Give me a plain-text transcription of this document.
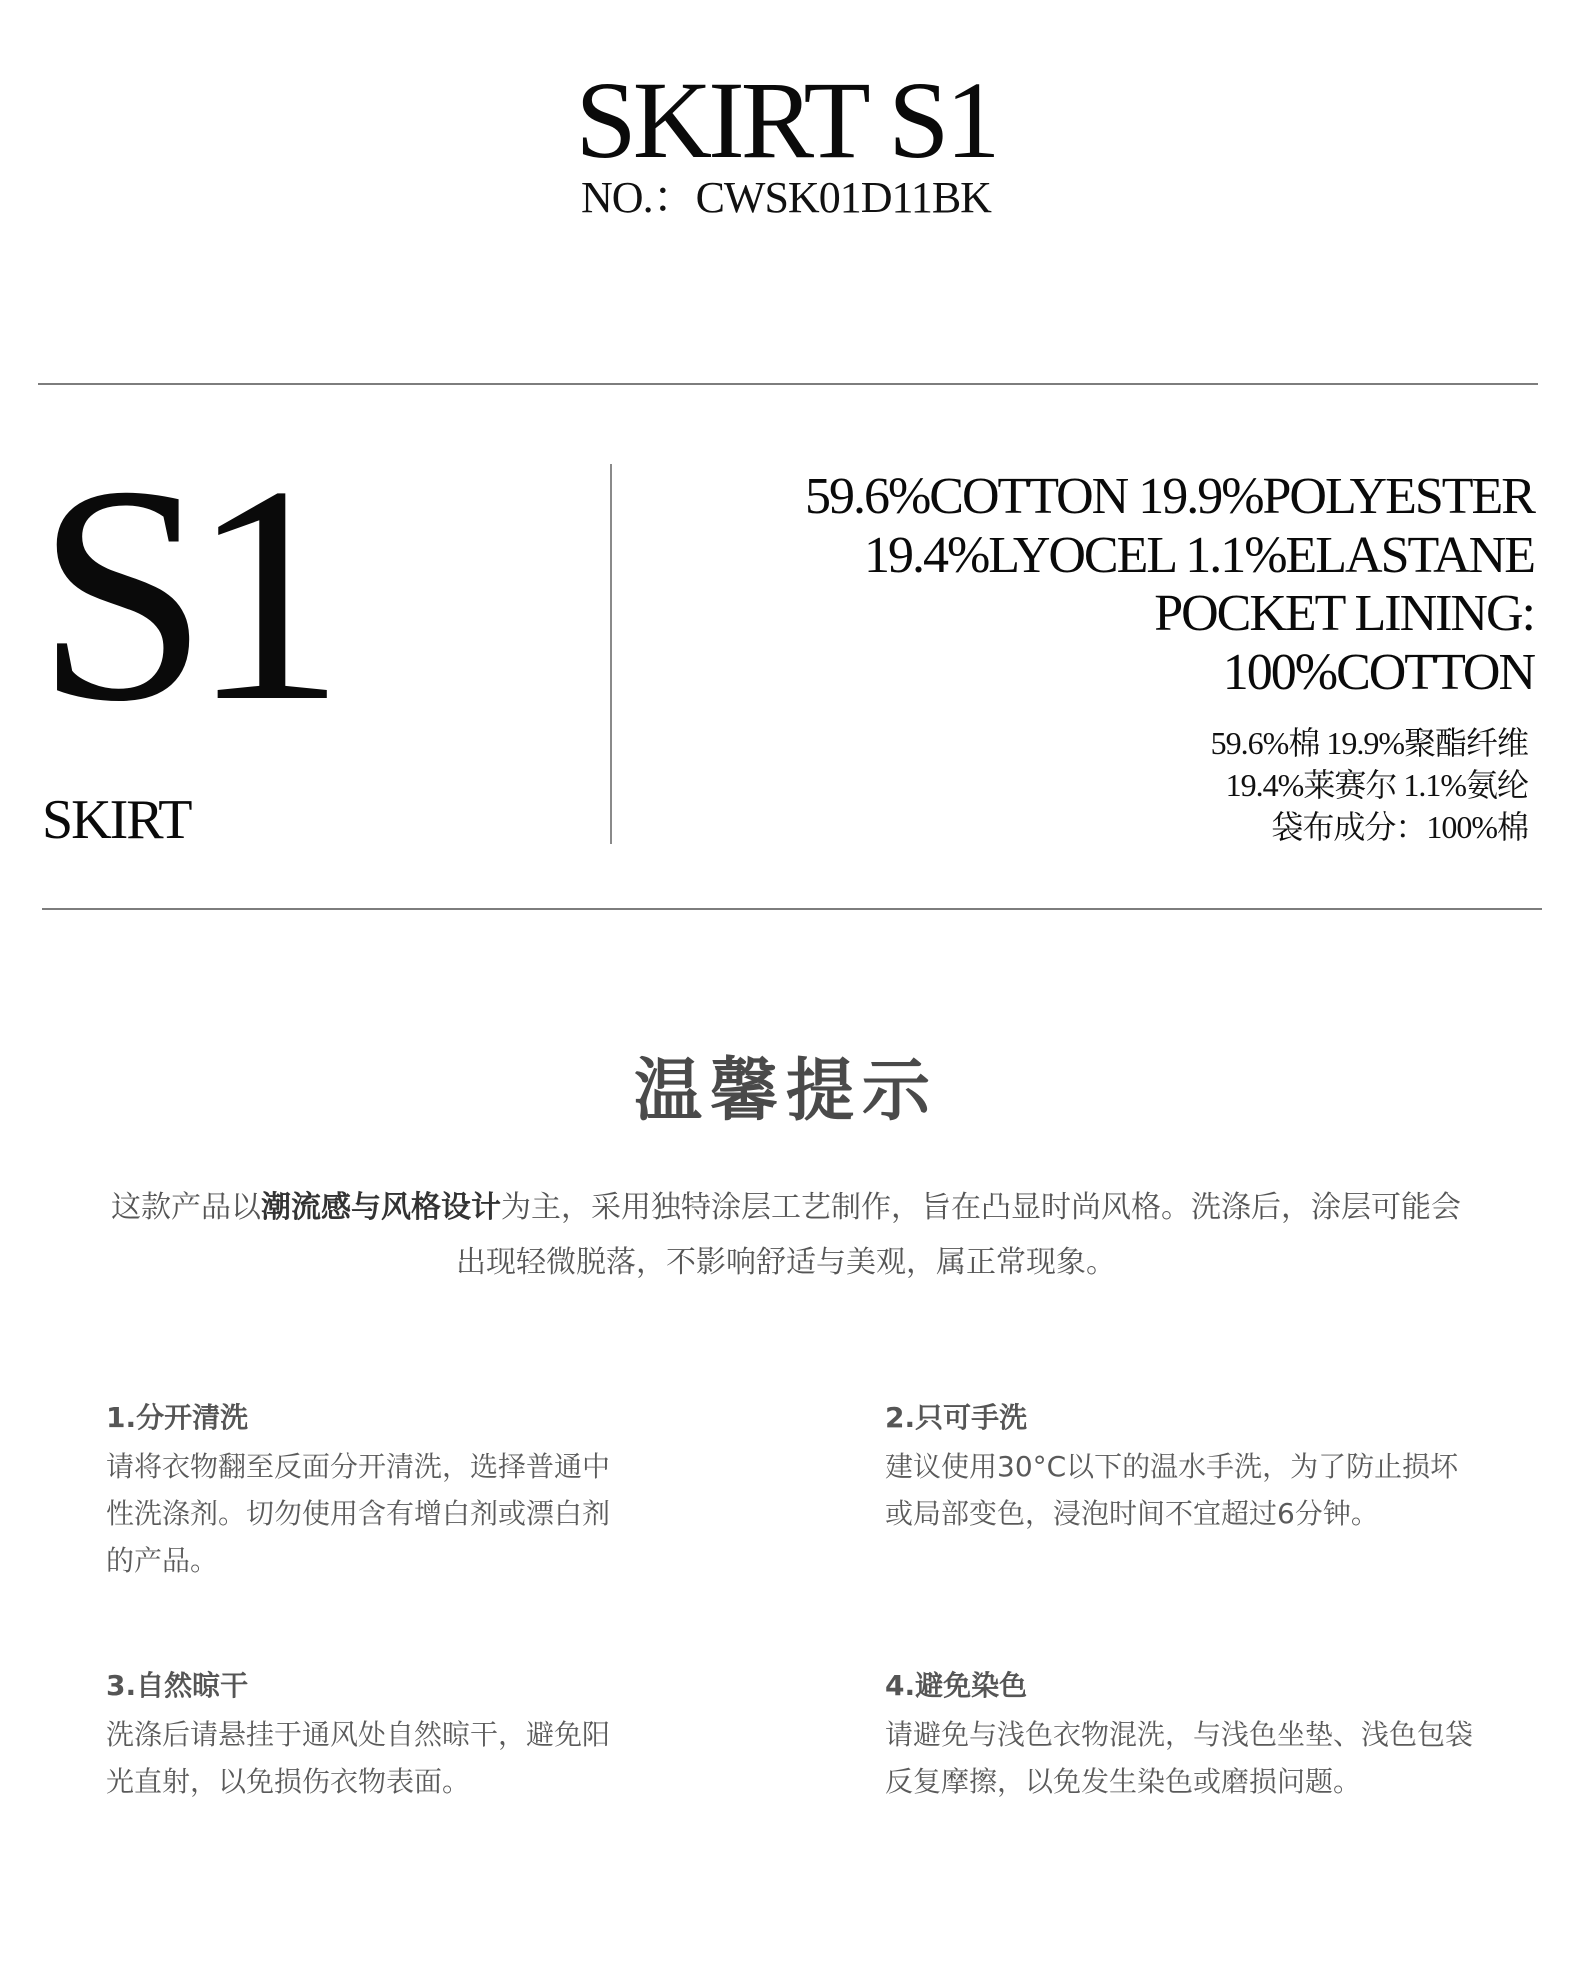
SKIRT S1
NO.：CWSK01D11BK
S1
SKIRT
59.6%COTTON 19.9%POLYESTER
19.4%LYOCEL 1.1%ELASTANE
POCKET LINING:
100%COTTON
59.6%棉 19.9%聚酯纤维
19.4%莱赛尔 1.1%氨纶
袋布成分：100%棉
温馨提示
这款产品以潮流感与风格设计为主，采用独特涂层工艺制作，旨在凸显时尚风格。洗涤后，涂层可能会出现轻微脱落，不影响舒适与美观，属正常现象。
1.分开清洗
请将衣物翻至反面分开清洗，选择普通中性洗涤剂。切勿使用含有增白剂或漂白剂的产品。
2.只可手洗
建议使用30°C以下的温水手洗，为了防止损坏或局部变色，浸泡时间不宜超过6分钟。
3.自然晾干
洗涤后请悬挂于通风处自然晾干，避免阳光直射，以免损伤衣物表面。
4.避免染色
请避免与浅色衣物混洗，与浅色坐垫、浅色包袋反复摩擦，以免发生染色或磨损问题。
